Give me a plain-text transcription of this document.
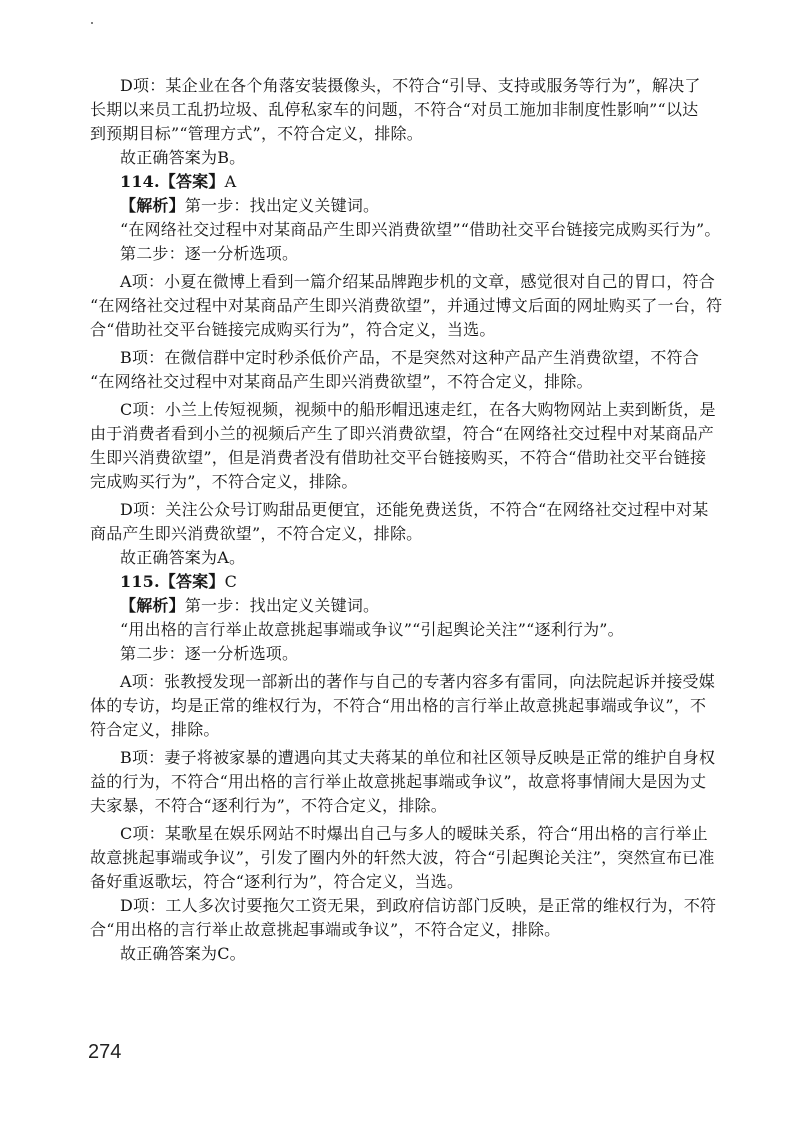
D项：某企业在各个角落安装摄像头，不符合“引导、支持或服务等行为”，解决了
长期以来员工乱扔垃圾、乱停私家车的问题，不符合“对员工施加非制度性影响”“以达
到预期目标”“管理方式”，不符合定义，排除。
故正确答案为B。
114.【答案】A
【解析】第一步：找出定义关键词。
“在网络社交过程中对某商品产生即兴消费欲望”“借助社交平台链接完成购买行为”。
第二步：逐一分析选项。
A项：小夏在微博上看到一篇介绍某品牌跑步机的文章，感觉很对自己的胃口，符合
“在网络社交过程中对某商品产生即兴消费欲望”，并通过博文后面的网址购买了一台，符
合“借助社交平台链接完成购买行为”，符合定义，当选。
B项：在微信群中定时秒杀低价产品，不是突然对这种产品产生消费欲望，不符合
“在网络社交过程中对某商品产生即兴消费欲望”，不符合定义，排除。
C项：小兰上传短视频，视频中的船形帽迅速走红，在各大购物网站上卖到断货，是
由于消费者看到小兰的视频后产生了即兴消费欲望，符合“在网络社交过程中对某商品产
生即兴消费欲望”，但是消费者没有借助社交平台链接购买，不符合“借助社交平台链接
完成购买行为”，不符合定义，排除。
D项：关注公众号订购甜品更便宜，还能免费送货，不符合“在网络社交过程中对某
商品产生即兴消费欲望”，不符合定义，排除。
故正确答案为A。
115.【答案】C
【解析】第一步：找出定义关键词。
“用出格的言行举止故意挑起事端或争议”“引起舆论关注”“逐利行为”。
第二步：逐一分析选项。
A项：张教授发现一部新出的著作与自己的专著内容多有雷同，向法院起诉并接受媒
体的专访，均是正常的维权行为，不符合“用出格的言行举止故意挑起事端或争议”，不
符合定义，排除。
B项：妻子将被家暴的遭遇向其丈夫蒋某的单位和社区领导反映是正常的维护自身权
益的行为，不符合“用出格的言行举止故意挑起事端或争议”，故意将事情闹大是因为丈
夫家暴，不符合“逐利行为”，不符合定义，排除。
C项：某歌星在娱乐网站不时爆出自己与多人的暧昧关系，符合“用出格的言行举止
故意挑起事端或争议”，引发了圈内外的轩然大波，符合“引起舆论关注”，突然宣布已准
备好重返歌坛，符合“逐利行为”，符合定义，当选。
D项：工人多次讨要拖欠工资无果，到政府信访部门反映，是正常的维权行为，不符
合“用出格的言行举止故意挑起事端或争议”，不符合定义，排除。
故正确答案为C。
274
